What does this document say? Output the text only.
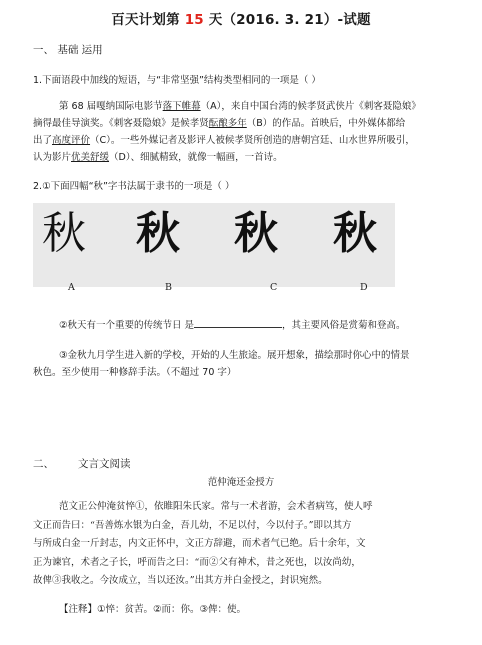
百天计划第 15 天（2016. 3. 21）-试题
一、 基础 运用
1.下面语段中加线的短语，与“非常坚强”结构类型相同的一项是（ ）
第 68 届嘎纳国际电影节落下帷幕（A），来自中国台湾的候孝贤武侠片《刺客聂隐娘》
摘得最佳导演奖。《刺客聂隐娘》是候孝贤酝酿多年（B）的作品。首映后，中外媒体都给
出了高度评价（C）。一些外媒记者及影评人被候孝贤所创造的唐朝宫廷、山水世界所吸引，
认为影片优美舒缓（D）、细腻精致，就像一幅画，一首诗。
2.①下面四幅“秋”字书法属于隶书的一项是（ ）
秋 秋 秋 秋
A	B	C	D
②秋天有一个重要的传统节日 是	，其主要风俗是赏菊和登高。
③金秋九月学生进入新的学校，开始的人生旅途。展开想象，描绘那时你心中的情景
秋色。至少使用一种修辞手法。（不超过 70 字）
二、 文言文阅读
范仲淹还金授方
范文正公仲淹贫悴①，依睢阳朱氏家。常与一术者游，会术者病笃，使人呼
文正而告曰：“吾善炼水银为白金，吾儿幼，不足以付，今以付子。”即以其方
与所成白金一斤封志，内文正怀中，文正方辞避，而术者气已绝。后十余年，文
正为谏官，术者之子长，呼而告之曰：“而②父有神术，昔之死也，以汝尚幼，
故俾③我收之。今汝成立，当以还汝。”出其方并白金授之，封识宛然。
【注释】①悴：贫苦。②而：你。③俾：使。
